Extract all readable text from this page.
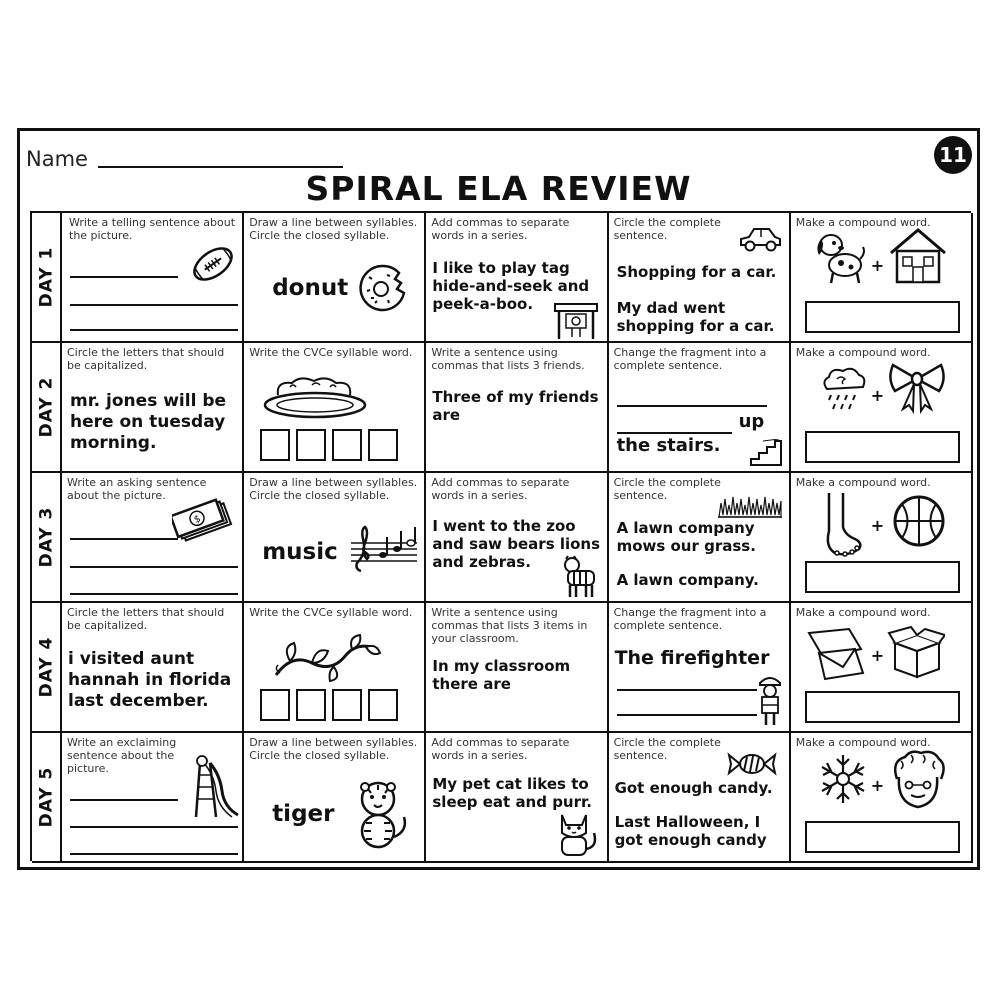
Name	11
SPIRAL ELA REVIEW
DAY 1
Write a telling sentence about the picture.
Draw a line between syllables. Circle the closed syllable.
donut
Add commas to separate words in a series.
I like to play tag hide-and-seek and peek-a-boo.
Circle the complete sentence.
Shopping for a car.
My dad went shopping for a car.
Make a compound word.
+
DAY 2
Circle the letters that should be capitalized.
mr. jones will be here on tuesday morning.
Write the CVCe syllable word.	Write a sentence using commas that lists 3 friends.
Three of my friends are
Change the fragment into a complete sentence.
up
the stairs.
Make a compound word.
+
DAY 3
Write an asking sentence about the picture.
$
Draw a line between syllables. Circle the closed syllable.
music
Add commas to separate words in a series.
I went to the zoo and saw bears lions and zebras.
Circle the complete sentence.
A lawn company mows our grass.
A lawn company.
Make a compound word.
+
DAY 4
Circle the letters that should be capitalized.
i visited aunt hannah in florida last december.
Write the CVCe syllable word.	Write a sentence using commas that lists 3 items in your classroom.
In my classroom there are
Change the fragment into a complete sentence.
The firefighter
Make a compound word.
+
DAY 5
Write an exclaiming sentence about the picture.
Draw a line between syllables. Circle the closed syllable.
tiger
Add commas to separate words in a series.
My pet cat likes to sleep eat and purr.
Circle the complete sentence.
Got enough candy.
Last Halloween, I got enough candy
Make a compound word.
+
